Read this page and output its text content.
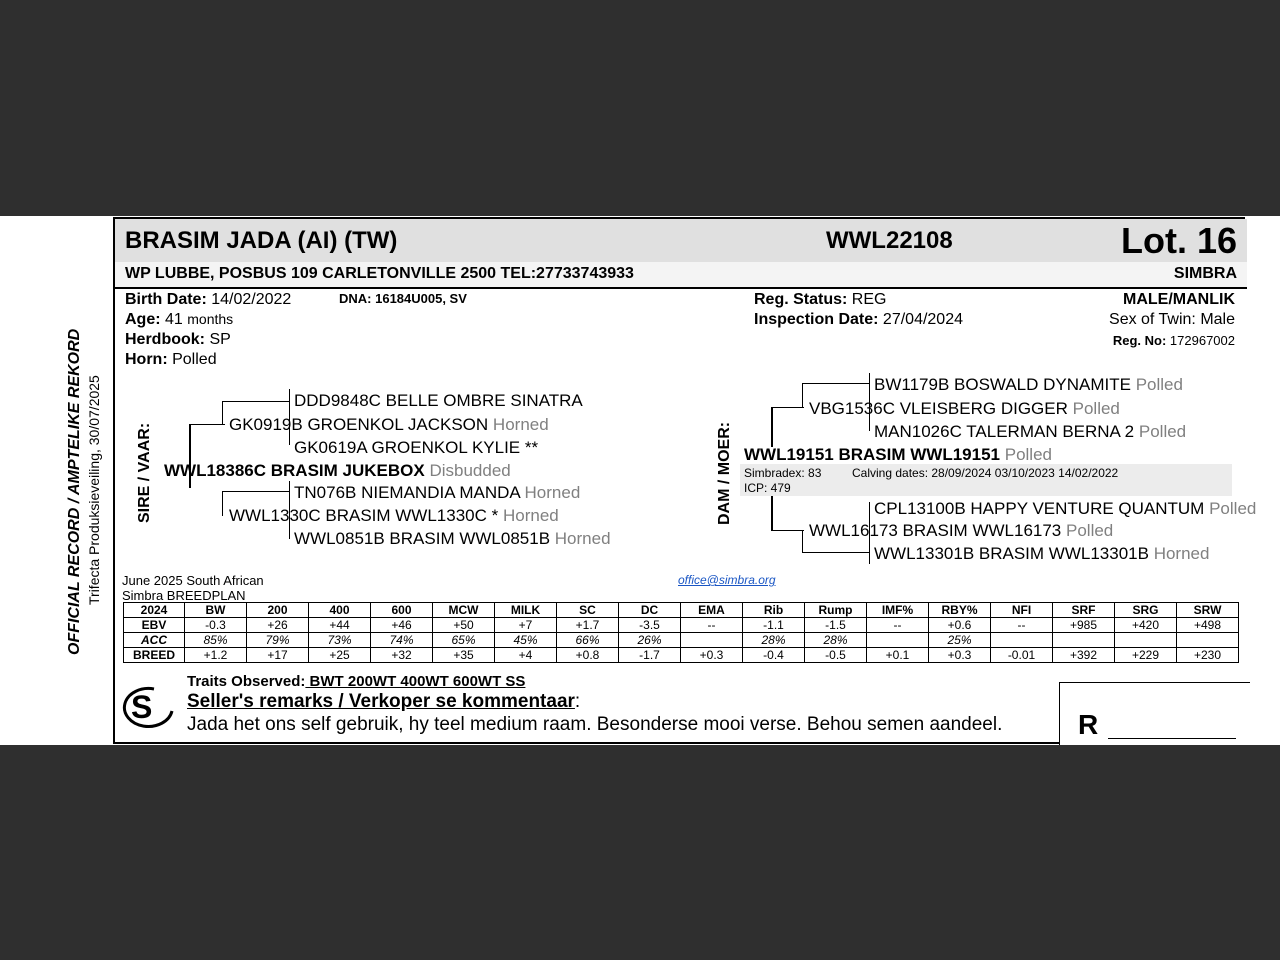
OFFICIAL RECORD / AMPTELIKE REKORD Trifecta Produksieveiling, 30/07/2025
BRASIM JADA (AI) (TW)	WWL22108	Lot. 16
WP LUBBE, POSBUS 109 CARLETONVILLE 2500 TEL:27733743933	SIMBRA
Birth Date: 14/02/2022	DNA: 16184U005, SV
Age: 41 months
Herdbook: SP
Horn: Polled
Reg. Status: REG
Inspection Date: 27/04/2024
MALE/MANLIK
Sex of Twin: Male
Reg. No: 172967002
SIRE / VAAR:
DDD9848C BELLE OMBRE SINATRA
GK0919B GROENKOL JACKSON Horned
GK0619A GROENKOL KYLIE **
WWL18386C BRASIM JUKEBOX Disbudded
TN076B NIEMANDIA MANDA Horned
WWL1330C BRASIM WWL1330C * Horned
WWL0851B BRASIM WWL0851B Horned
DAM / MOER:
BW1179B BOSWALD DYNAMITE Polled
VBG1536C VLEISBERG DIGGER Polled
MAN1026C TALERMAN BERNA 2 Polled
WWL19151 BRASIM WWL19151 Polled
Simbradex: 83	Calving dates: 28/09/2024 03/10/2023 14/02/2022
ICP: 479
CPL13100B HAPPY VENTURE QUANTUM Polled
WWL16173 BRASIM WWL16173 Polled
WWL13301B BRASIM WWL13301B Horned
June 2025 South African
Simbra BREEDPLAN
office@simbra.org
2024	BW	200	400	600	MCW	MILK	SC	DC	EMA	Rib	Rump	IMF%	RBY%	NFI	SRF	SRG	SRW
EBV	-0.3	+26	+44	+46	+50	+7	+1.7	-3.5	--	-1.1	-1.5	--	+0.6	--	+985	+420	+498
ACC	85%	79%	73%	74%	65%	45%	66%	26%		28%	28%		25%				
BREED	+1.2	+17	+25	+32	+35	+4	+0.8	-1.7	+0.3	-0.4	-0.5	+0.1	+0.3	-0.01	+392	+229	+230
S
Traits Observed: BWT 200WT 400WT 600WT SS
Seller's remarks / Verkoper se kommentaar:
Jada het ons self gebruik, hy teel medium raam. Besonderse mooi verse. Behou semen aandeel.	R
